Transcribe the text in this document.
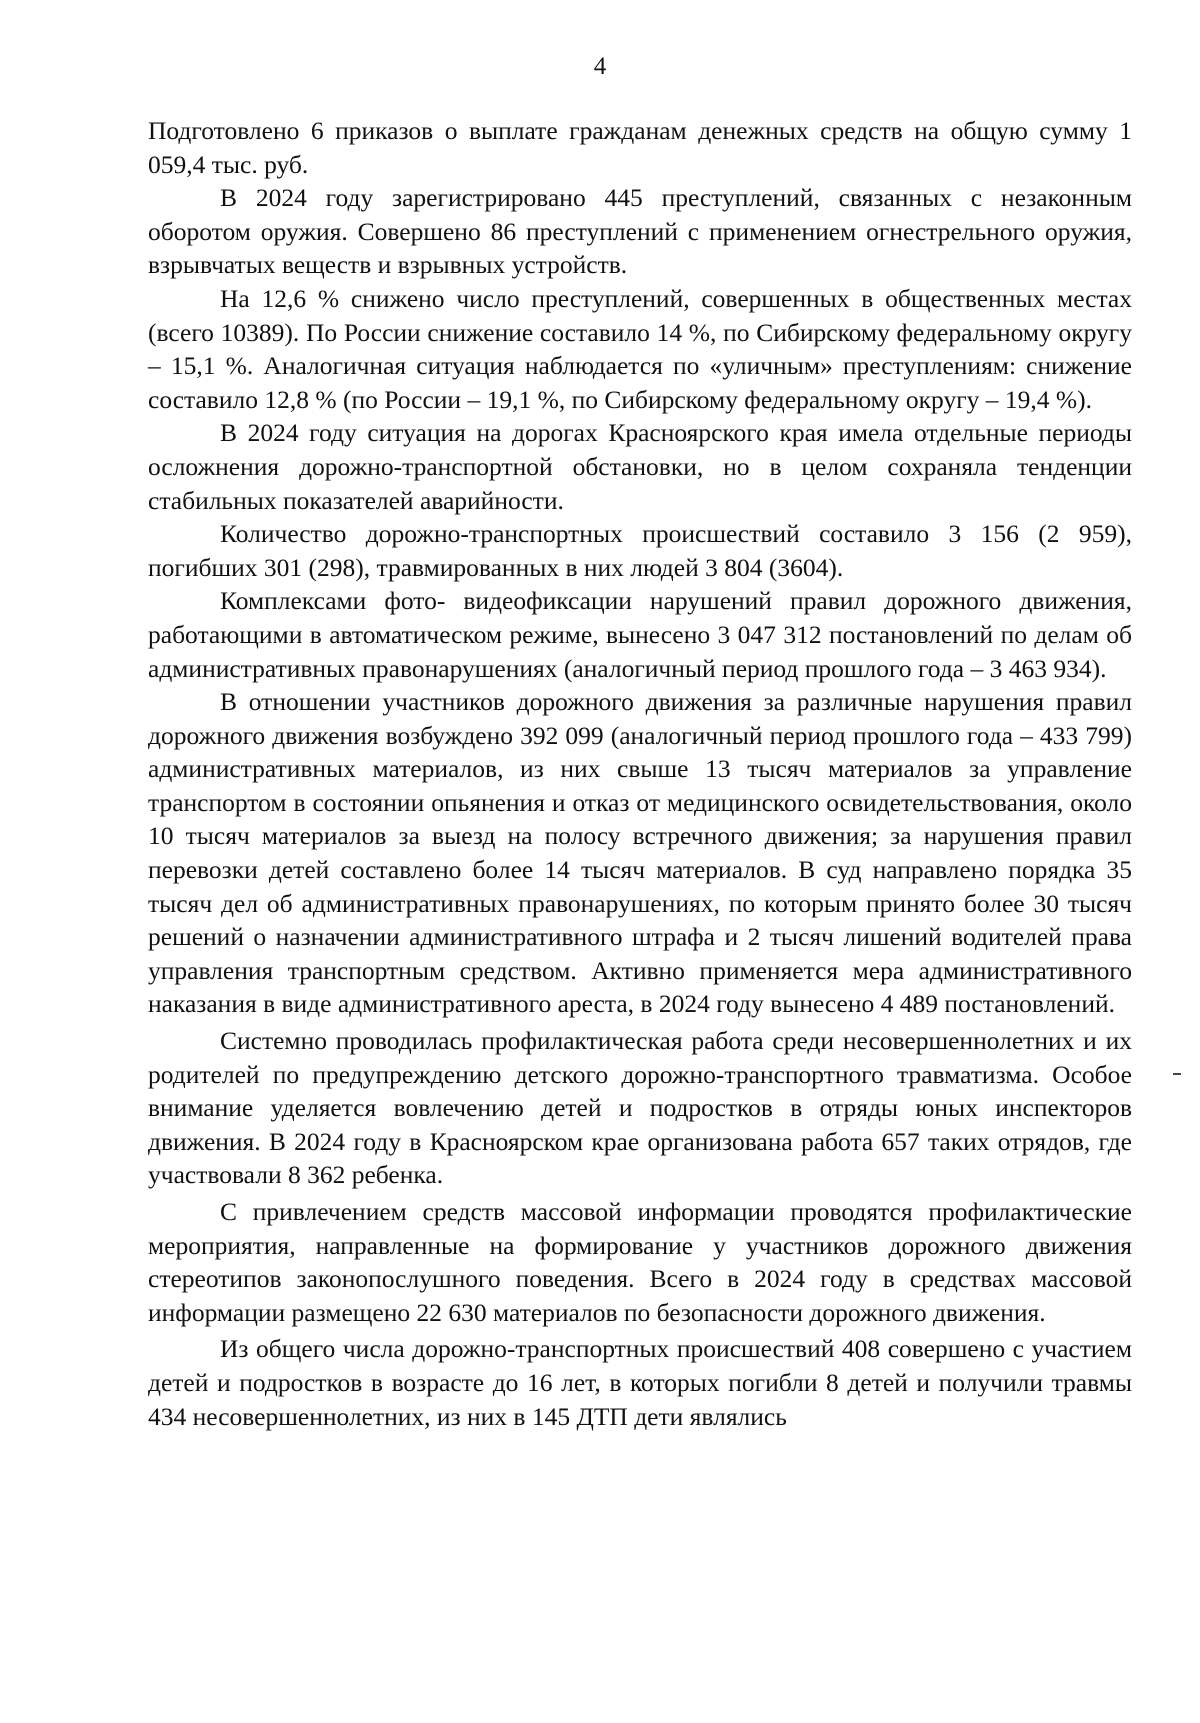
4

Подготовлено 6 приказов о выплате гражданам денежных средств на общую сумму 1 059,4 тыс. руб.

В 2024 году зарегистрировано 445 преступлений, связанных с незаконным оборотом оружия. Совершено 86 преступлений с применением огнестрельного оружия, взрывчатых веществ и взрывных устройств.

На 12,6 % снижено число преступлений, совершенных в общественных местах (всего 10389). По России снижение составило 14 %, по Сибирскому федеральному округу – 15,1 %. Аналогичная ситуация наблюдается по «уличным» преступлениям: снижение составило 12,8 % (по России – 19,1 %, по Сибирскому федеральному округу – 19,4 %).

В 2024 году ситуация на дорогах Красноярского края имела отдельные периоды осложнения дорожно-транспортной обстановки, но в целом сохраняла тенденции стабильных показателей аварийности.

Количество дорожно-транспортных происшествий составило 3 156 (2 959), погибших 301 (298), травмированных в них людей 3 804 (3604).

Комплексами фото- видеофиксации нарушений правил дорожного движения, работающими в автоматическом режиме, вынесено 3 047 312 постановлений по делам об административных правонарушениях (аналогичный период прошлого года – 3 463 934).

В отношении участников дорожного движения за различные нарушения правил дорожного движения возбуждено 392 099 (аналогичный период прошлого года – 433 799) административных материалов, из них свыше 13 тысяч материалов за управление транспортом в состоянии опьянения и отказ от медицинского освидетельствования, около 10 тысяч материалов за выезд на полосу встречного движения; за нарушения правил перевозки детей составлено более 14 тысяч материалов. В суд направлено порядка 35 тысяч дел об административных правонарушениях, по которым принято более 30 тысяч решений о назначении административного штрафа и 2 тысяч лишений водителей права управления транспортным средством. Активно применяется мера административного наказания в виде административного ареста, в 2024 году вынесено 4 489 постановлений.

Системно проводилась профилактическая работа среди несовершеннолетних и их родителей по предупреждению детского дорожно-транспортного травматизма. Особое внимание уделяется вовлечению детей и подростков в отряды юных инспекторов движения. В 2024 году в Красноярском крае организована работа 657 таких отрядов, где участвовали 8 362 ребенка.

С привлечением средств массовой информации проводятся профилактические мероприятия, направленные на формирование у участников дорожного движения стереотипов законопослушного поведения. Всего в 2024 году в средствах массовой информации размещено 22 630 материалов по безопасности дорожного движения.

Из общего числа дорожно-транспортных происшествий 408 совершено с участием детей и подростков в возрасте до 16 лет, в которых погибли 8 детей и получили травмы 434 несовершеннолетних, из них в 145 ДТП дети являлись
